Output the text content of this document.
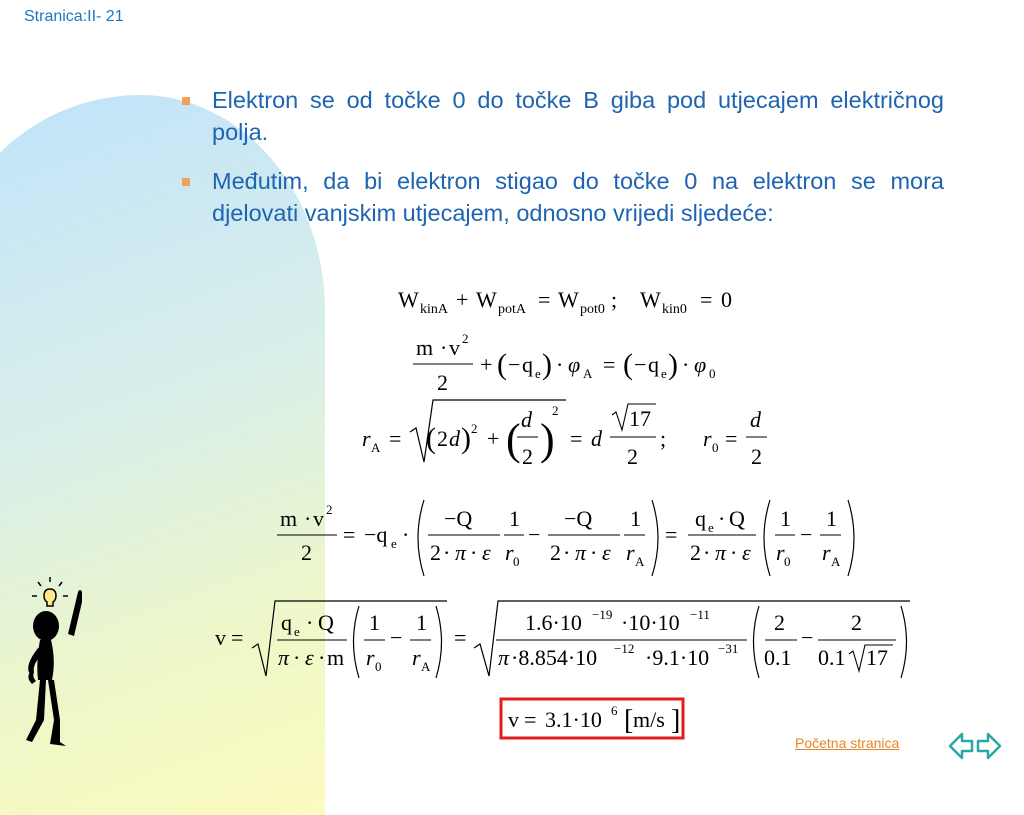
Stranica:II- 21
Elektron se od točke 0 do točke B giba pod utjecajem električnog polja.
Međutim, da bi elektron stigao do točke 0 na elektron se mora djelovati vanjskim utjecajem, odnosno vrijedi sljedeće:
W kinA + W potA = W pot0 ; W kin0 = 0
m · v 2
2
+ ( − q e ) · φ A = ( − q e ) · φ 0
r A = ( 2 d ) 2 + ( d
2 )
2
= d
17
2
; r 0 =
d
2
m · v 2
2
= −q e ·
−Q
2 · π · ε
1
r 0
−
−Q
2 · π · ε
1
r A
=
q e · Q
2 · π · ε
1
r 0
−
1
r A
v =
q e · Q
π · ε · m
1
r 0
−
1
r A
=
1.6·10 −19 ·10·10 −11
π ·8.854·10 −12 ·9.1·10 −31
2
0.1
−
2
0.1 17
v = 3.1·10 6 [ m/s ]
Početna stranica
